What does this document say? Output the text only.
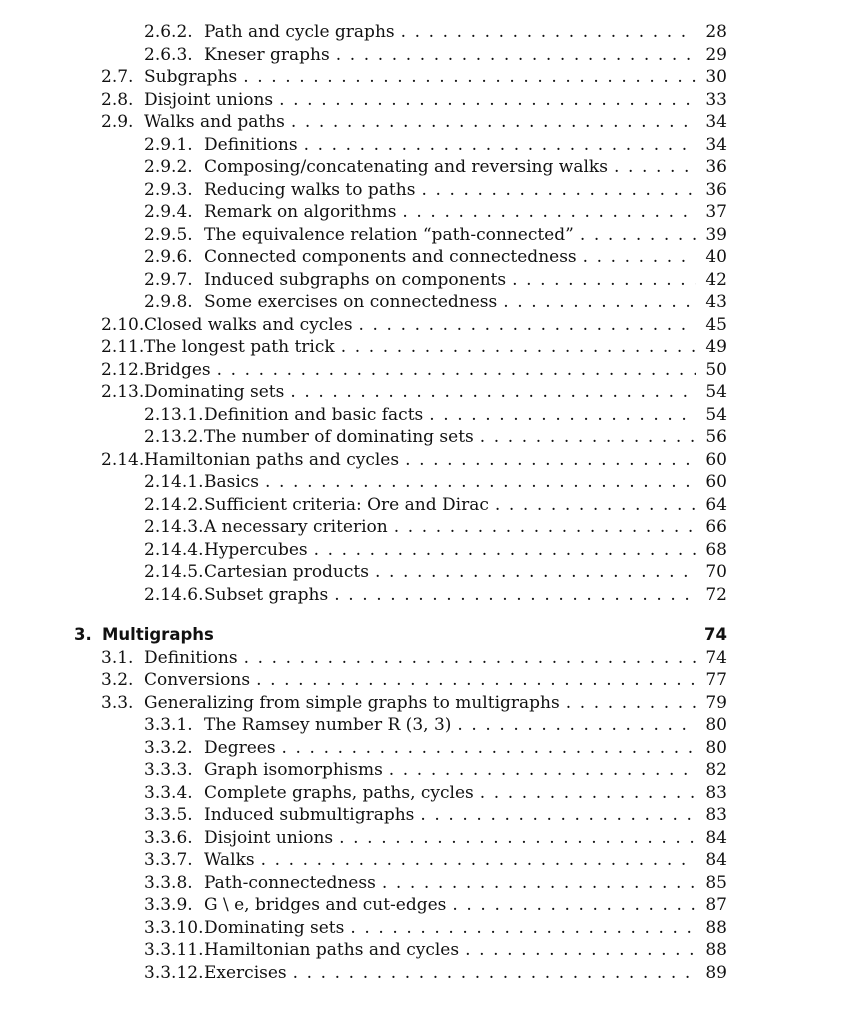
2.6.2. Path and cycle graphs . . .	28
2.6.3. Kneser graphs . . .	29
2.7. Subgraphs . . .	30
2.8. Disjoint unions . . .	33
2.9. Walks and paths . . .	34
2.9.1. Definitions . . .	34
2.9.2. Composing/concatenating and reversing walks . . .	36
2.9.3. Reducing walks to paths . . .	36
2.9.4. Remark on algorithms . . .	37
2.9.5. The equivalence relation “path-connected” . . .	39
2.9.6. Connected components and connectedness . . .	40
2.9.7. Induced subgraphs on components . . .	42
2.9.8. Some exercises on connectedness . . .	43
2.10.Closed walks and cycles . . .	45
2.11.The longest path trick . . .	49
2.12.Bridges . . .	50
2.13.Dominating sets . . .	54
2.13.1.Definition and basic facts . . .	54
2.13.2.The number of dominating sets . . .	56
2.14.Hamiltonian paths and cycles . . .	60
2.14.1.Basics . . .	60
2.14.2.Sufficient criteria: Ore and Dirac . . .	64
2.14.3.A necessary criterion . . .	66
2.14.4.Hypercubes . . .	68
2.14.5.Cartesian products . . .	70
2.14.6.Subset graphs . . .	72
3. Multigraphs	74
3.1. Definitions . . .	74
3.2. Conversions . . .	77
3.3. Generalizing from simple graphs to multigraphs . . .	79
3.3.1. The Ramsey number R (3, 3) . . .	80
3.3.2. Degrees . . .	80
3.3.3. Graph isomorphisms . . .	82
3.3.4. Complete graphs, paths, cycles . . .	83
3.3.5. Induced submultigraphs . . .	83
3.3.6. Disjoint unions . . .	84
3.3.7. Walks . . .	84
3.3.8. Path-connectedness . . .	85
3.3.9. G \ e, bridges and cut-edges . . .	87
3.3.10.Dominating sets . . .	88
3.3.11.Hamiltonian paths and cycles . . .	88
3.3.12.Exercises . . .	89
